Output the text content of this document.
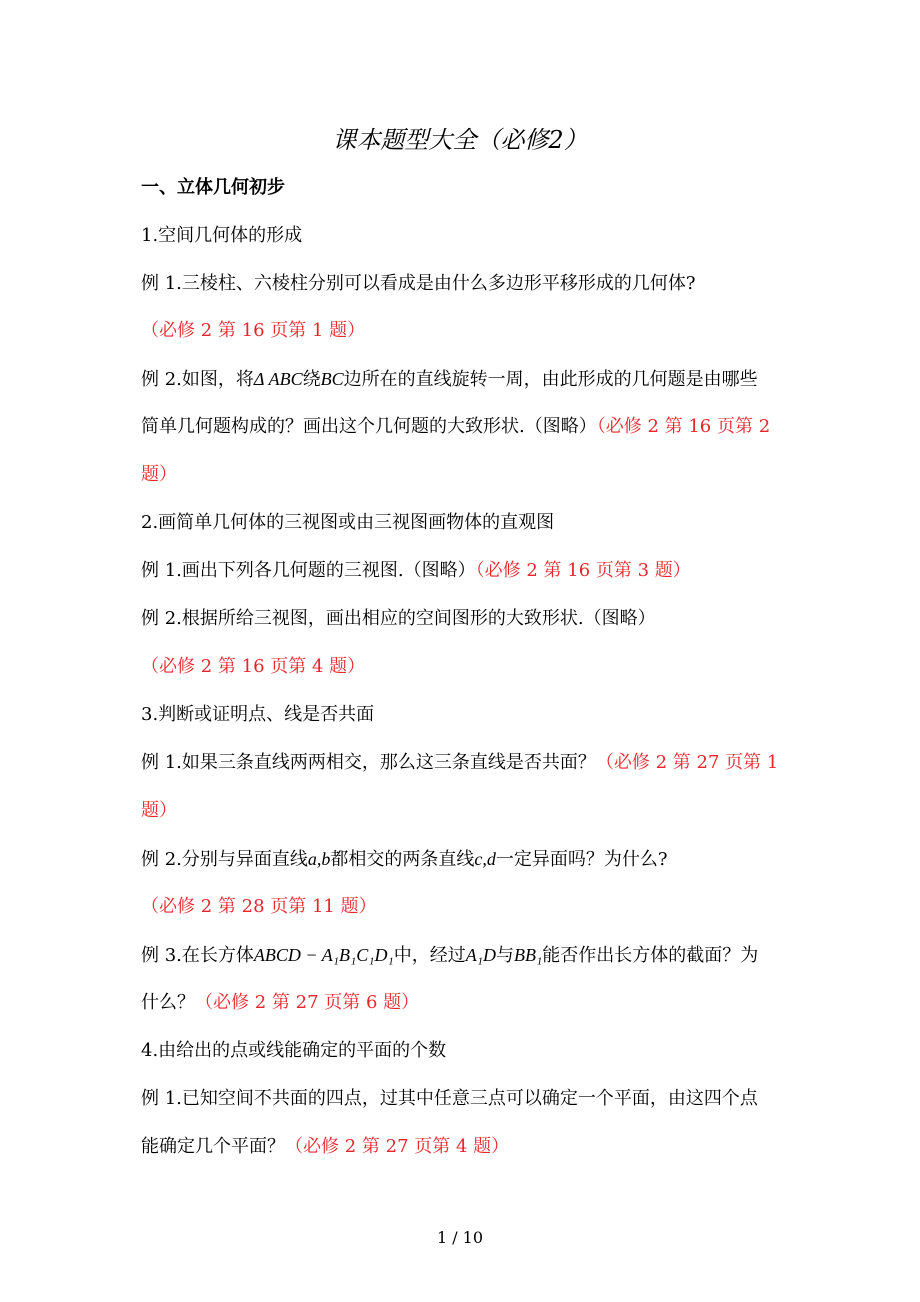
课本题型大全（必修2）
一、立体几何初步
1.空间几何体的形成
例 1.三棱柱、六棱柱分别可以看成是由什么多边形平移形成的几何体?
（必修 2 第 16 页第 1 题）
例 2.如图，将Δ ABC绕BC边所在的直线旋转一周，由此形成的几何题是由哪些
简单几何题构成的？画出这个几何题的大致形状.（图略）（必修 2 第 16 页第 2
题）
2.画简单几何体的三视图或由三视图画物体的直观图
例 1.画出下列各几何题的三视图.（图略）（必修 2 第 16 页第 3 题）
例 2.根据所给三视图，画出相应的空间图形的大致形状.（图略）
（必修 2 第 16 页第 4 题）
3.判断或证明点、线是否共面
例 1.如果三条直线两两相交，那么这三条直线是否共面？（必修 2 第 27 页第 1
题）
例 2.分别与异面直线a,b都相交的两条直线c,d一定异面吗？为什么?
（必修 2 第 28 页第 11 题）
例 3.在长方体ABCD − A₁B₁C₁D₁中，经过A₁D与BB₁能否作出长方体的截面？为
什么？（必修 2 第 27 页第 6 题）
4.由给出的点或线能确定的平面的个数
例 1.已知空间不共面的四点，过其中任意三点可以确定一个平面，由这四个点
能确定几个平面？（必修 2 第 27 页第 4 题）
1 / 10
